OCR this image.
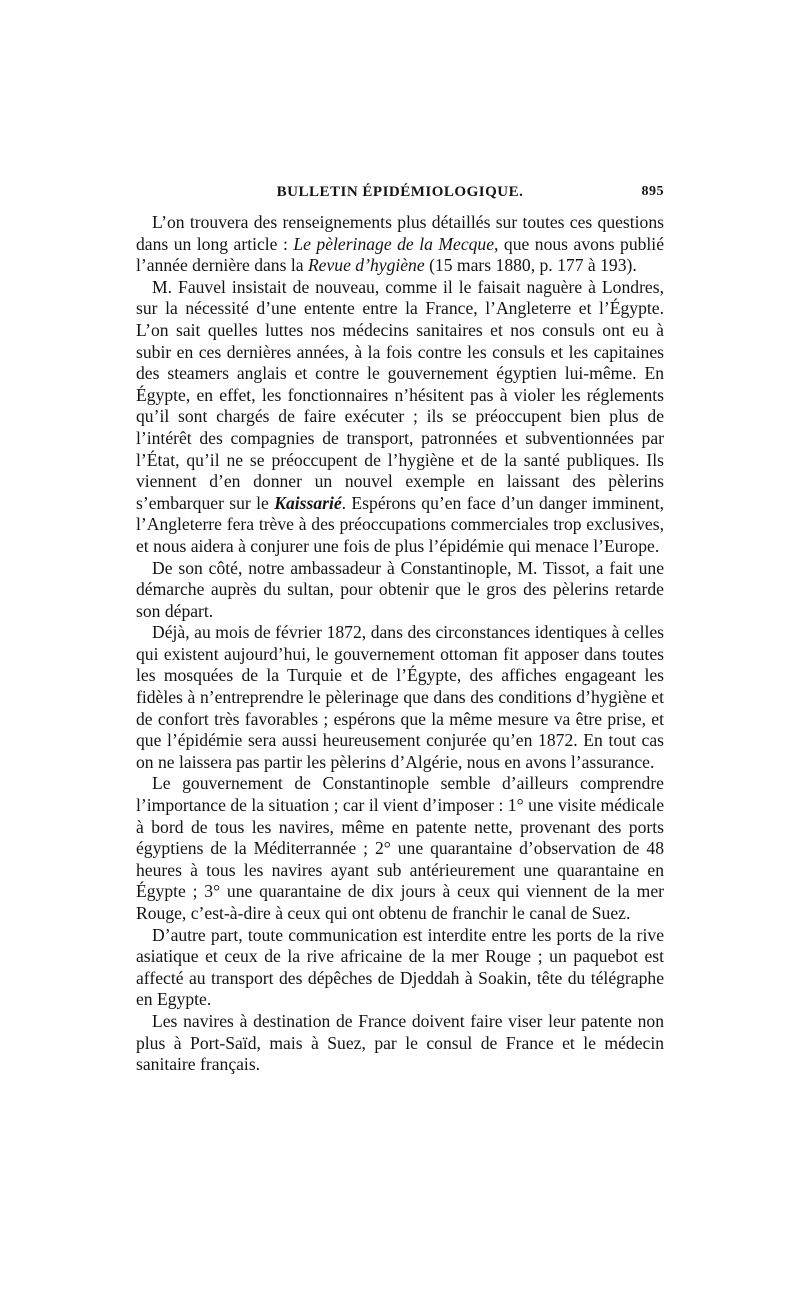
BULLETIN ÉPIDÉMIOLOGIQUE.	895

L’on trouvera des renseignements plus détaillés sur toutes ces questions dans un long article : Le pèlerinage de la Mecque, que nous avons publié l’année dernière dans la Revue d’hygiène (15 mars 1880, p. 177 à 193).

M. Fauvel insistait de nouveau, comme il le faisait naguère à Londres, sur la nécessité d’une entente entre la France, l’Angleterre et l’Égypte. L’on sait quelles luttes nos médecins sanitaires et nos consuls ont eu à subir en ces dernières années, à la fois contre les consuls et les capitaines des steamers anglais et contre le gouvernement égyptien lui-même. En Égypte, en effet, les fonctionnaires n’hésitent pas à violer les réglements qu’il sont chargés de faire exécuter ; ils se préoccupent bien plus de l’intérêt des compagnies de transport, patronnées et subventionnées par l’État, qu’il ne se préoccupent de l’hygiène et de la santé publiques. Ils viennent d’en donner un nouvel exemple en laissant des pèlerins s’embarquer sur le Kaissarié. Espérons qu’en face d’un danger imminent, l’Angleterre fera trève à des préoccupations commerciales trop exclusives, et nous aidera à conjurer une fois de plus l’épidémie qui menace l’Europe.

De son côté, notre ambassadeur à Constantinople, M. Tissot, a fait une démarche auprès du sultan, pour obtenir que le gros des pèlerins retarde son départ.

Déjà, au mois de février 1872, dans des circonstances identiques à celles qui existent aujourd’hui, le gouvernement ottoman fit apposer dans toutes les mosquées de la Turquie et de l’Égypte, des affiches engageant les fidèles à n’entreprendre le pèlerinage que dans des conditions d’hygiène et de confort très favorables ; espérons que la même mesure va être prise, et que l’épidémie sera aussi heureusement conjurée qu’en 1872. En tout cas on ne laissera pas partir les pèlerins d’Algérie, nous en avons l’assurance.

Le gouvernement de Constantinople semble d’ailleurs comprendre l’importance de la situation ; car il vient d’imposer : 1° une visite médicale à bord de tous les navires, même en patente nette, provenant des ports égyptiens de la Méditerrannée ; 2° une quarantaine d’observation de 48 heures à tous les navires ayant sub antérieurement une quarantaine en Égypte ; 3° une quarantaine de dix jours à ceux qui viennent de la mer Rouge, c’est-à-dire à ceux qui ont obtenu de franchir le canal de Suez.

D’autre part, toute communication est interdite entre les ports de la rive asiatique et ceux de la rive africaine de la mer Rouge ; un paquebot est affecté au transport des dépêches de Djeddah à Soakin, tête du télégraphe en Egypte.

Les navires à destination de France doivent faire viser leur patente non plus à Port-Saïd, mais à Suez, par le consul de France et le médecin sanitaire français.
